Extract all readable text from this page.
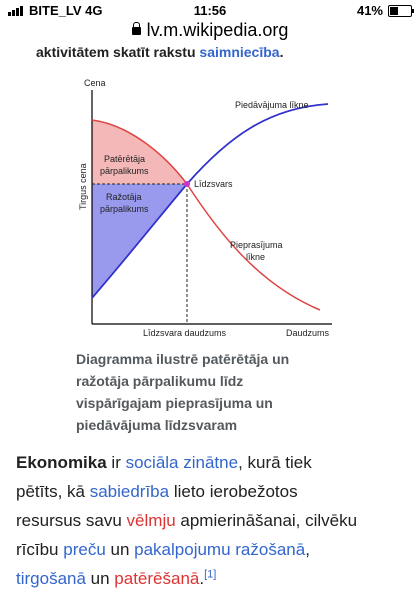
BITE_LV 4G	11:56	41%
lv.m.wikipedia.org
aktivitātem skatīt rakstu saimniecība.
Cena
Daudzums
Tirgus cena
Līdzsvara daudzums
Piedāvājuma līkne
Pieprasījuma
līkne
Līdzsvars
Patērētāja
pārpalikums
Ražotāja
pārpalikums
Diagramma ilustrē patērētāja un
ražotāja pārpalikumu līdz
vispārīgajam pieprasījuma un
piedāvājuma līdzsvaram
Ekonomika ir sociāla zinātne, kurā tiek
pētīts, kā sabiedrība lieto ierobežotos
resursus savu vēlmju apmierināšanai, cilvēku
rīcību preču un pakalpojumu ražošanā,
tirgošanā un patērēšanā.[1]
